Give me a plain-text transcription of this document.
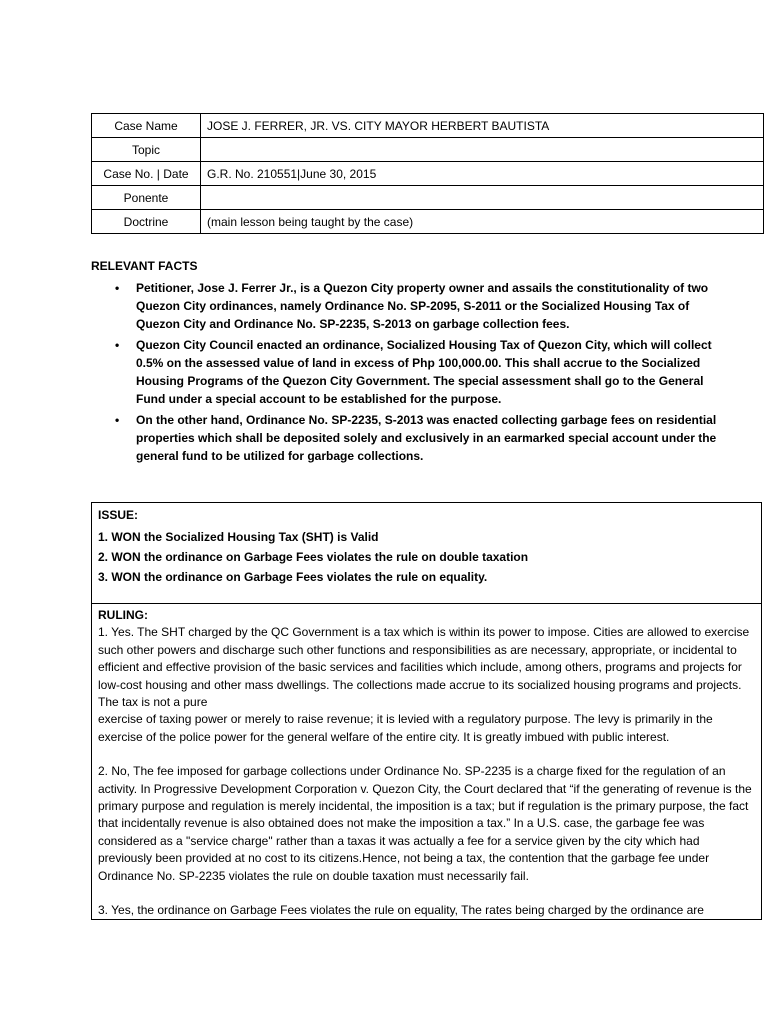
Case Name	JOSE J. FERRER, JR. VS. CITY MAYOR HERBERT BAUTISTA
Topic	
Case No. | Date	G.R. No. 210551|June 30, 2015
Ponente	
Doctrine	(main lesson being taught by the case)
RELEVANT FACTS
• Petitioner, Jose J. Ferrer Jr., is a Quezon City property owner and assails the constitutionality of two Quezon City ordinances, namely Ordinance No. SP-2095, S-2011 or the Socialized Housing Tax of Quezon City and Ordinance No. SP-2235, S-2013 on garbage collection fees.
• Quezon City Council enacted an ordinance, Socialized Housing Tax of Quezon City, which will collect 0.5% on the assessed value of land in excess of Php 100,000.00. This shall accrue to the Socialized Housing Programs of the Quezon City Government. The special assessment shall go to the General Fund under a special account to be established for the purpose.
• On the other hand, Ordinance No. SP-2235, S-2013 was enacted collecting garbage fees on residential properties which shall be deposited solely and exclusively in an earmarked special account under the general fund to be utilized for garbage collections.
ISSUE:
1. WON the Socialized Housing Tax (SHT) is Valid
2. WON the ordinance on Garbage Fees violates the rule on double taxation
3. WON the ordinance on Garbage Fees violates the rule on equality.
RULING:

1. Yes. The SHT charged by the QC Government is a tax which is within its power to impose. Cities are allowed to exercise such other powers and discharge such other functions and responsibilities as are necessary, appropriate, or incidental to efficient and effective provision of the basic services and facilities which include, among others, programs and projects for low-cost housing and other mass dwellings. The collections made accrue to its socialized housing programs and projects. The tax is not a pure

exercise of taxing power or merely to raise revenue; it is levied with a regulatory purpose. The levy is primarily in the exercise of the police power for the general welfare of the entire city. It is greatly imbued with public interest.

2. No, The fee imposed for garbage collections under Ordinance No. SP-2235 is a charge fixed for the regulation of an activity. In Progressive Development Corporation v. Quezon City, the Court declared that “if the generating of revenue is the primary purpose and regulation is merely incidental, the imposition is a tax; but if regulation is the primary purpose, the fact that incidentally revenue is also obtained does not make the imposition a tax.” In a U.S. case, the garbage fee was considered as a "service charge" rather than a taxas it was actually a fee for a service given by the city which had previously been provided at no cost to its citizens.Hence, not being a tax, the contention that the garbage fee under Ordinance No. SP-2235 violates the rule on double taxation must necessarily fail.

3. Yes, the ordinance on Garbage Fees violates the rule on equality, The rates being charged by the ordinance are
